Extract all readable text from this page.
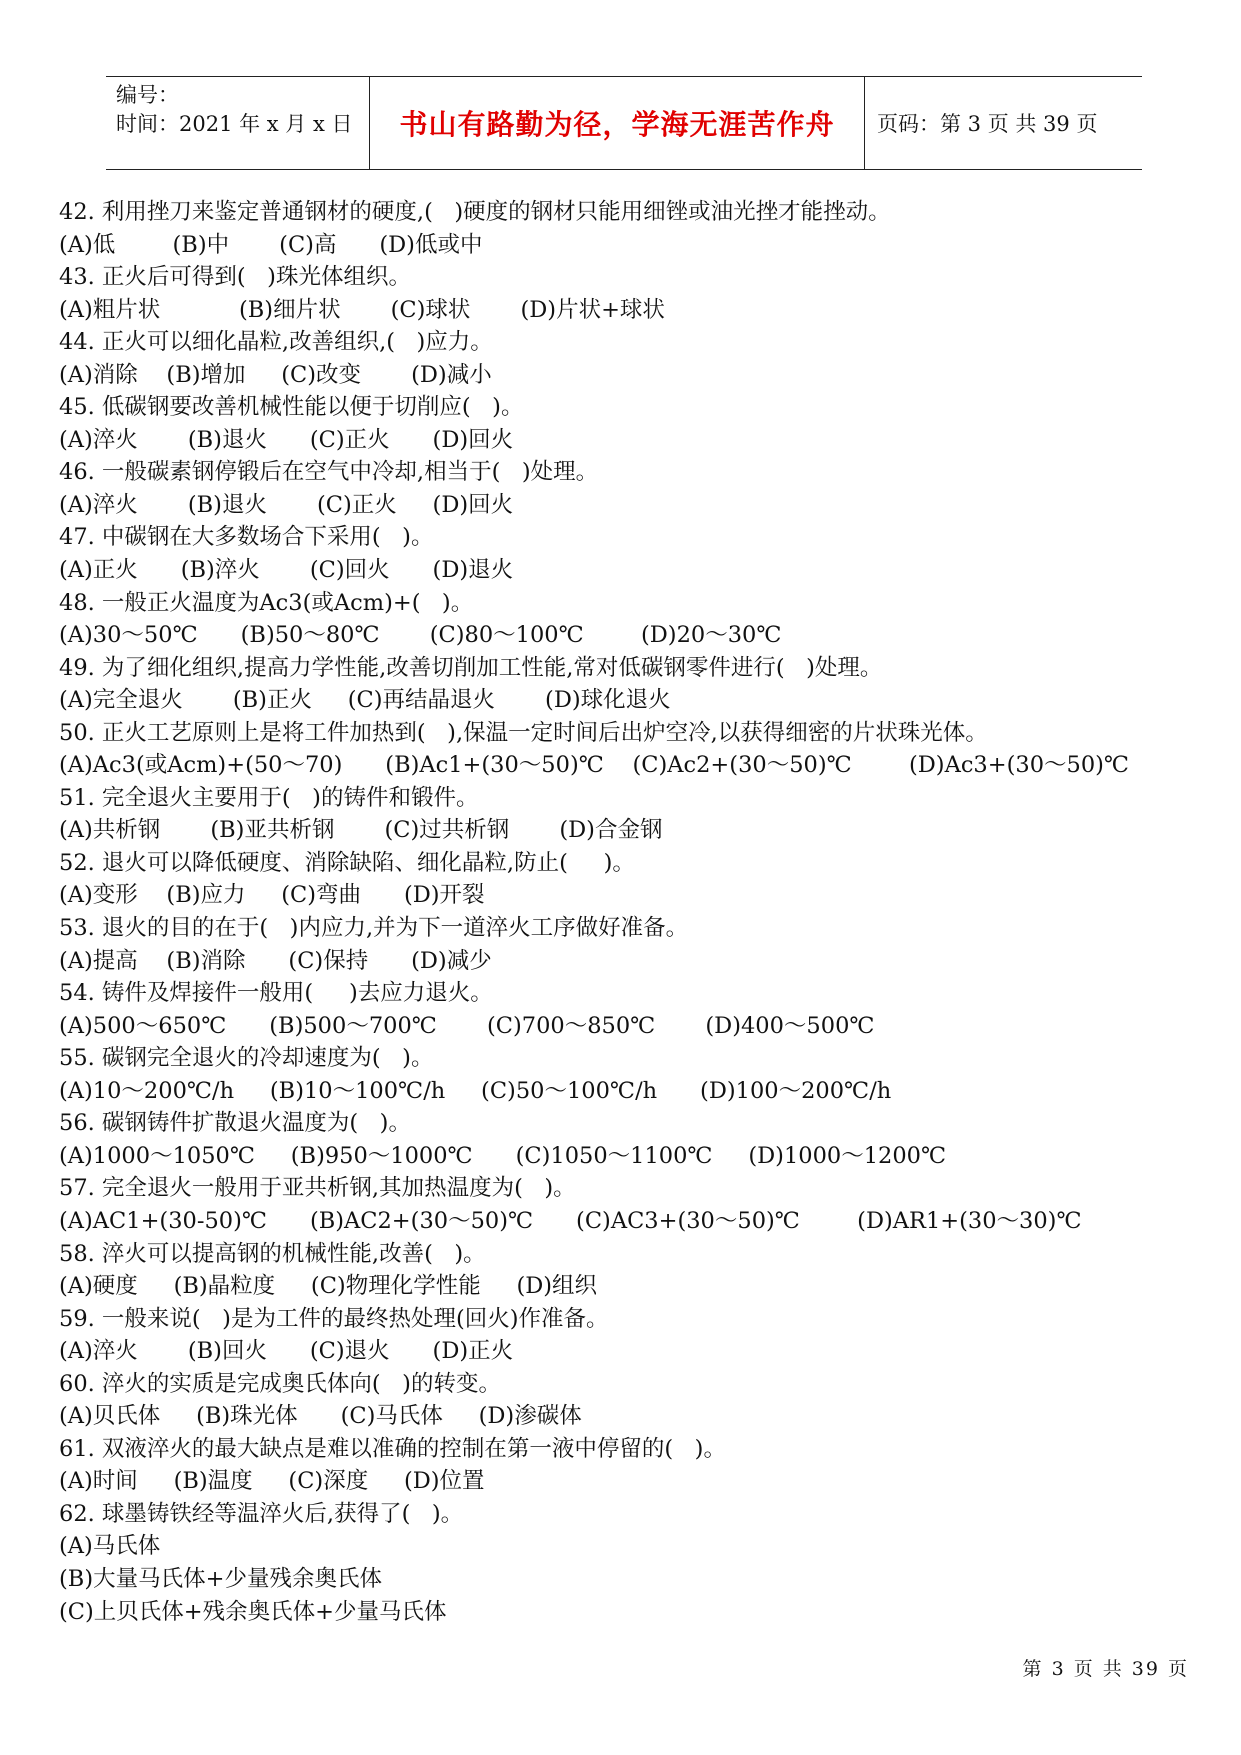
编号：
时间：2021 年 x 月 x 日 书山有路勤为径，学海无涯苦作舟 页码：第 3 页 共 39 页
42. 利用挫刀来鉴定普通钢材的硬度,(   )硬度的钢材只能用细锉或油光挫才能挫动。
(A)低        (B)中       (C)高      (D)低或中
43. 正火后可得到(   )珠光体组织。
(A)粗片状           (B)细片状       (C)球状       (D)片状+球状
44. 正火可以细化晶粒,改善组织,(   )应力。
(A)消除    (B)增加     (C)改变       (D)减小
45. 低碳钢要改善机械性能以便于切削应(   )。
(A)淬火       (B)退火      (C)正火      (D)回火
46. 一般碳素钢停锻后在空气中冷却,相当于(   )处理。
(A)淬火       (B)退火       (C)正火     (D)回火
47. 中碳钢在大多数场合下采用(   )。
(A)正火      (B)淬火       (C)回火      (D)退火
48. 一般正火温度为Ac3(或Acm)+(   )。
(A)30～50℃      (B)50～80℃       (C)80～100℃        (D)20～30℃
49. 为了细化组织,提高力学性能,改善切削加工性能,常对低碳钢零件进行(   )处理。
(A)完全退火       (B)正火     (C)再结晶退火       (D)球化退火
50. 正火工艺原则上是将工件加热到(   ),保温一定时间后出炉空冷,以获得细密的片状珠光体。
(A)Ac3(或Acm)+(50～70)      (B)Ac1+(30～50)℃    (C)Ac2+(30～50)℃        (D)Ac3+(30～50)℃
51. 完全退火主要用于(   )的铸件和锻件。
(A)共析钢       (B)亚共析钢       (C)过共析钢       (D)合金钢
52. 退火可以降低硬度、消除缺陷、细化晶粒,防止(     )。
(A)变形    (B)应力     (C)弯曲      (D)开裂
53. 退火的目的在于(   )内应力,并为下一道淬火工序做好准备。
(A)提高    (B)消除      (C)保持      (D)减少
54. 铸件及焊接件一般用(     )去应力退火。
(A)500～650℃      (B)500～700℃       (C)700～850℃       (D)400～500℃
55. 碳钢完全退火的冷却速度为(   )。
(A)10～200℃/h     (B)10～100℃/h     (C)50～100℃/h      (D)100～200℃/h
56. 碳钢铸件扩散退火温度为(   )。
(A)1000～1050℃     (B)950～1000℃      (C)1050～1100℃     (D)1000～1200℃
57. 完全退火一般用于亚共析钢,其加热温度为(   )。
(A)AC1+(30-50)℃      (B)AC2+(30～50)℃      (C)AC3+(30～50)℃        (D)AR1+(30～30)℃
58. 淬火可以提高钢的机械性能,改善(   )。
(A)硬度     (B)晶粒度     (C)物理化学性能     (D)组织
59. 一般来说(   )是为工件的最终热处理(回火)作准备。
(A)淬火       (B)回火      (C)退火      (D)正火
60. 淬火的实质是完成奥氏体向(   )的转变。
(A)贝氏体     (B)珠光体      (C)马氏体     (D)渗碳体
61. 双液淬火的最大缺点是难以准确的控制在第一液中停留的(   )。
(A)时间     (B)温度     (C)深度     (D)位置
62. 球墨铸铁经等温淬火后,获得了(   )。
(A)马氏体
(B)大量马氏体+少量残余奥氏体
(C)上贝氏体+残余奥氏体+少量马氏体
第 3 页 共 39 页
